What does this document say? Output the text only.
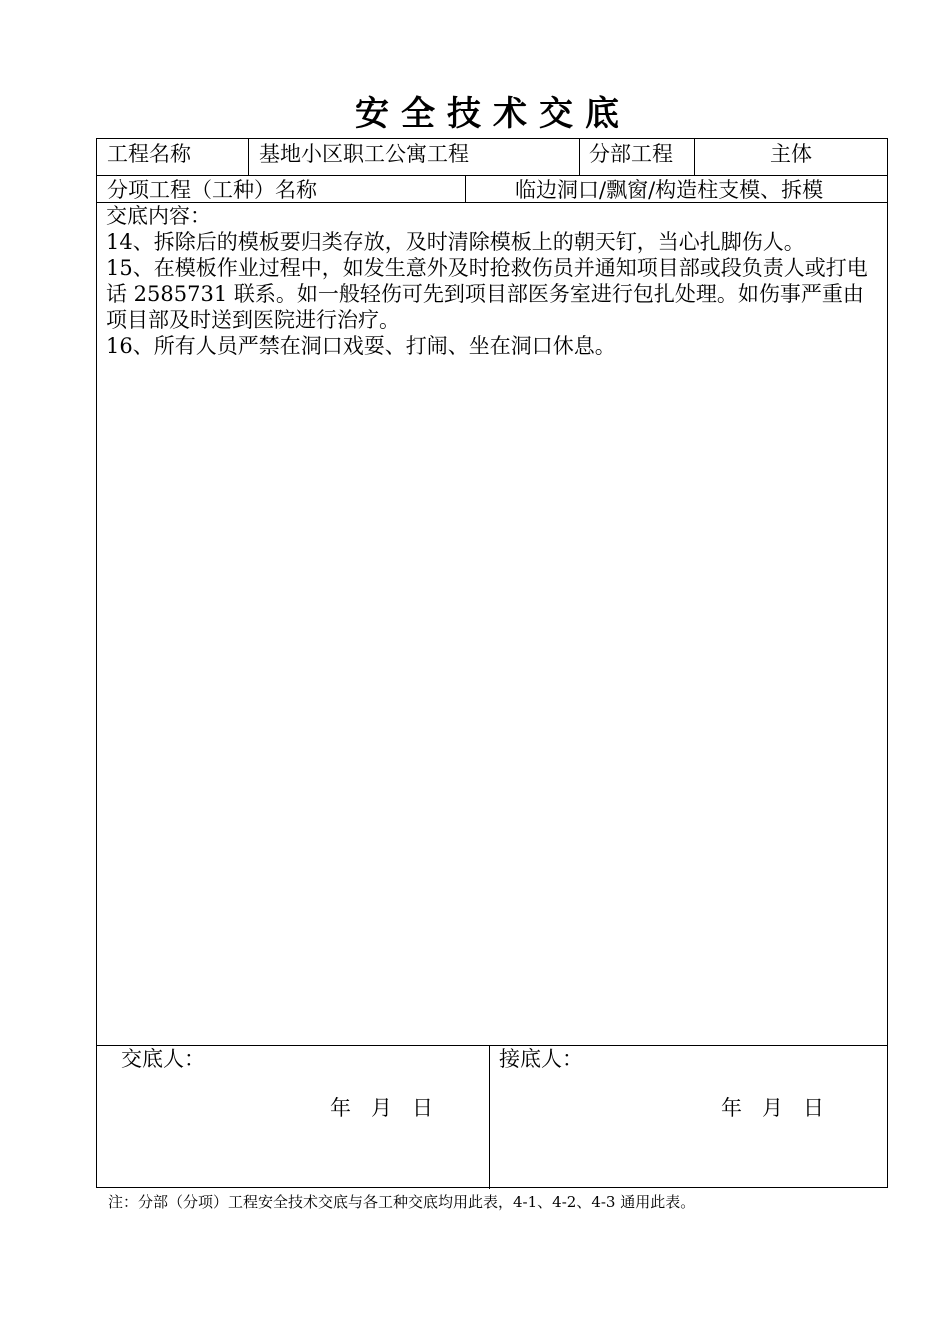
安全技术交底
工程名称	基地小区职工公寓工程	分部工程	主体
分项工程（工种）名称	临边洞口/飘窗/构造柱支模、拆模

交底内容：

14、拆除后的模板要归类存放，及时清除模板上的朝天钉，当心扎脚伤人。

15、在模板作业过程中，如发生意外及时抢救伤员并通知项目部或段负责人或打电话 2585731 联系。如一般轻伤可先到项目部医务室进行包扎处理。如伤事严重由项目部及时送到医院进行治疗。

16、所有人员严禁在洞口戏耍、打闹、坐在洞口休息。

交底人：	接底人：
年   月   日	年   月   日
注：分部（分项）工程安全技术交底与各工种交底均用此表，4-1、4-2、4-3 通用此表。
